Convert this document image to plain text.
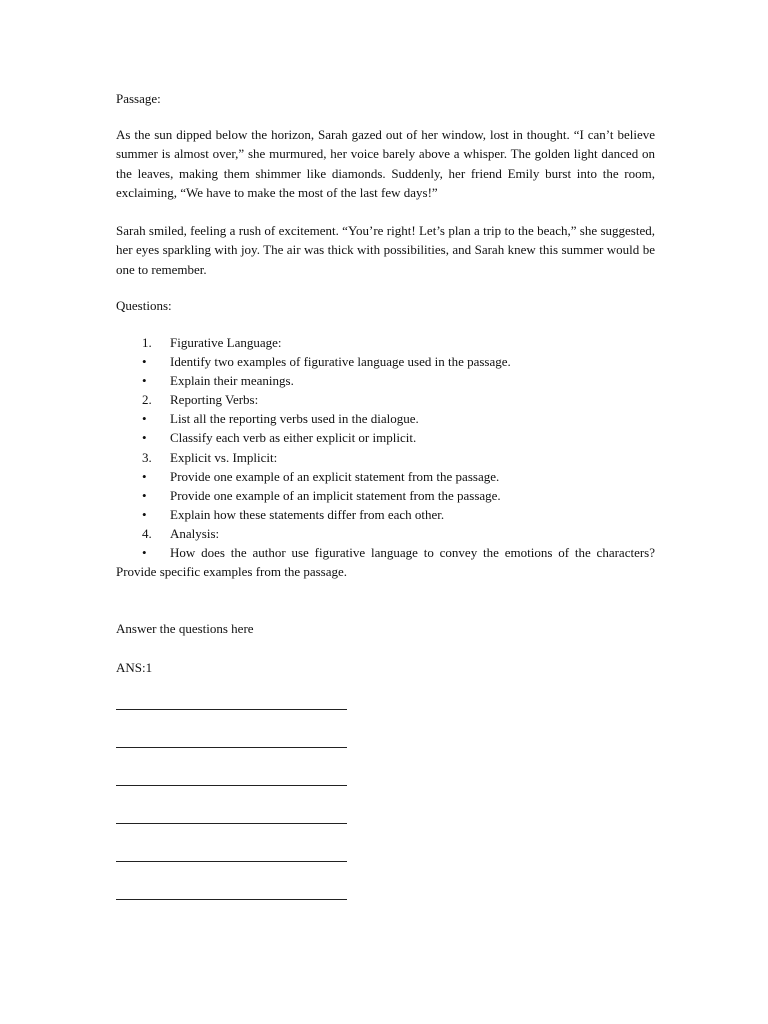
Passage:

As the sun dipped below the horizon, Sarah gazed out of her window, lost in thought. “I can’t believe summer is almost over,” she murmured, her voice barely above a whisper. The golden light danced on the leaves, making them shimmer like diamonds. Suddenly, her friend Emily burst into the room, exclaiming, “We have to make the most of the last few days!”

Sarah smiled, feeling a rush of excitement. “You’re right! Let’s plan a trip to the beach,” she suggested, her eyes sparkling with joy. The air was thick with possibilities, and Sarah knew this summer would be one to remember.

Questions:
1.	Figurative Language:
•	Identify two examples of figurative language used in the passage.
•	Explain their meanings.
2.	Reporting Verbs:
•	List all the reporting verbs used in the dialogue.
•	Classify each verb as either explicit or implicit.
3.	Explicit vs. Implicit:
•	Provide one example of an explicit statement from the passage.
•	Provide one example of an implicit statement from the passage.
•	Explain how these statements differ from each other.
4.	Analysis:
•	How does the author use figurative language to convey the emotions of the characters? Provide specific examples from the passage.
Answer the questions here
ANS:1
